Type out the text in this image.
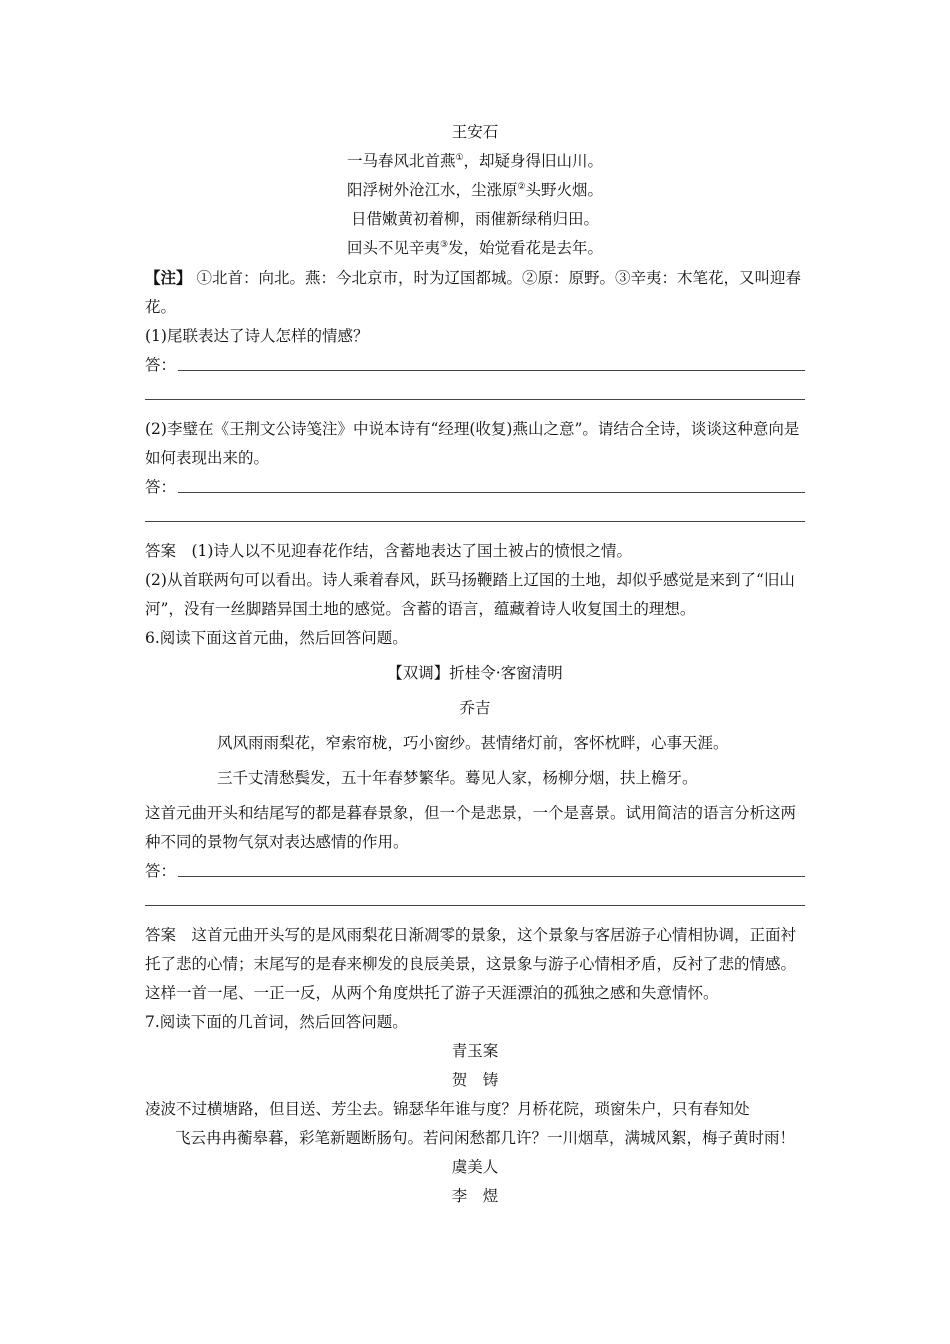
王安石

一马春风北首燕①，却疑身得旧山川。

阳浮树外沧江水，尘涨原②头野火烟。

日借嫩黄初着柳，雨催新绿稍归田。

回头不见辛夷③发，始觉看花是去年。

【注】 ①北首：向北。燕：今北京市，时为辽国都城。②原：原野。③辛夷：木笔花，又叫迎春花。

(1)尾联表达了诗人怎样的情感？

答：

(2)李璧在《王荆文公诗笺注》中说本诗有“经理(收复)燕山之意”。请结合全诗，谈谈这种意向是如何表现出来的。

答：

答案　(1)诗人以不见迎春花作结，含蓄地表达了国土被占的愤恨之情。

(2)从首联两句可以看出。诗人乘着春风，跃马扬鞭踏上辽国的土地，却似乎感觉是来到了“旧山河”，没有一丝脚踏异国土地的感觉。含蓄的语言，蕴藏着诗人收复国土的理想。

6.阅读下面这首元曲，然后回答问题。

【双调】折桂令·客窗清明

乔吉

风风雨雨梨花，窄索帘栊，巧小窗纱。甚情绪灯前，客怀枕畔，心事天涯。

三千丈清愁鬓发，五十年春梦繁华。蓦见人家，杨柳分烟，扶上檐牙。

这首元曲开头和结尾写的都是暮春景象，但一个是悲景，一个是喜景。试用简洁的语言分析这两种不同的景物气氛对表达感情的作用。

答：

答案　这首元曲开头写的是风雨梨花日渐凋零的景象，这个景象与客居游子心情相协调，正面衬托了悲的心情；末尾写的是春来柳发的良辰美景，这景象与游子心情相矛盾，反衬了悲的情感。这样一首一尾、一正一反，从两个角度烘托了游子天涯漂泊的孤独之感和失意情怀。

7.阅读下面的几首词，然后回答问题。

青玉案

贺　铸

凌波不过横塘路，但目送、芳尘去。锦瑟华年谁与度？月桥花院，琐窗朱户，只有春知处

飞云冉冉蘅皋暮，彩笔新题断肠句。若问闲愁都几许？一川烟草，满城风絮，梅子黄时雨！

虞美人

李　煜
